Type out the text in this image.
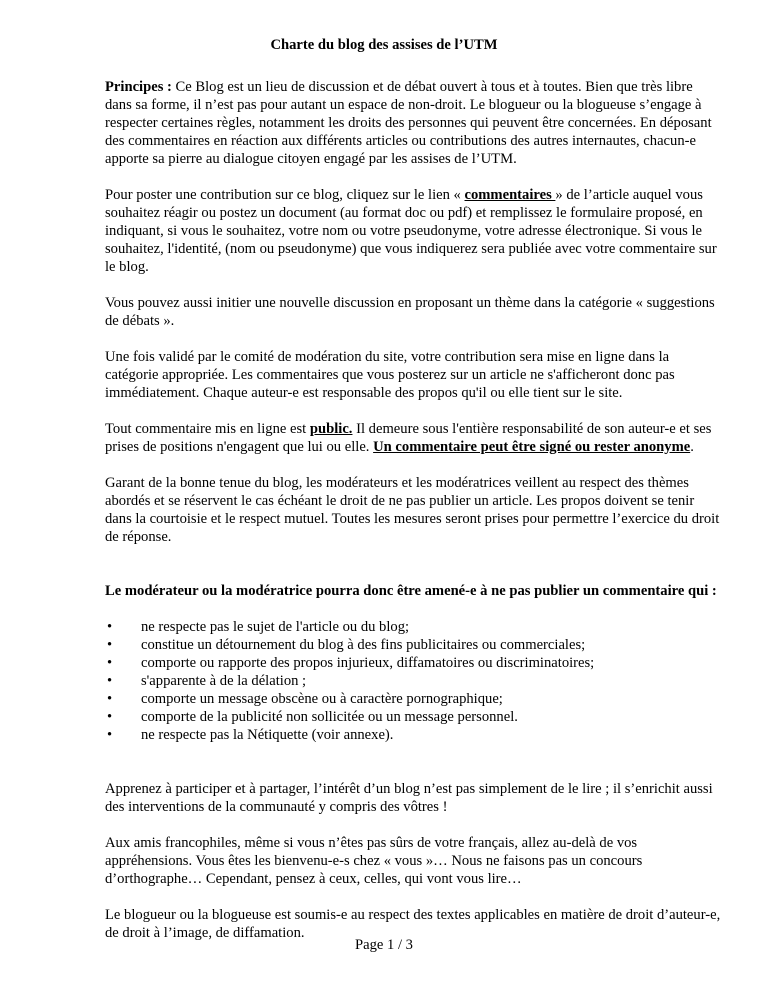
Charte du blog des assises de l’UTM

Principes : Ce Blog est un lieu de discussion et de débat ouvert à tous et à toutes. Bien que très libre dans sa forme, il n’est pas pour autant un espace de non-droit. Le blogueur ou la blogueuse s’engage à respecter certaines règles, notamment les droits des personnes qui peuvent être concernées. En déposant des commentaires en réaction aux différents articles ou contributions des autres internautes, chacun-e apporte sa pierre au dialogue citoyen engagé par les assises de l’UTM.

Pour poster une contribution sur ce blog, cliquez sur le lien « commentaires » de l’article auquel vous souhaitez réagir ou postez un document (au format doc ou pdf) et remplissez le formulaire proposé, en indiquant, si vous le souhaitez, votre nom ou votre pseudonyme, votre adresse électronique. Si vous le souhaitez, l'identité, (nom ou pseudonyme) que vous indiquerez sera publiée avec votre commentaire sur le blog.

Vous pouvez aussi initier une nouvelle discussion en proposant un thème dans la catégorie « suggestions de débats ».

Une fois validé par le comité de modération du site, votre contribution sera mise en ligne dans la catégorie appropriée. Les commentaires que vous posterez sur un article ne s'afficheront donc pas immédiatement. Chaque auteur-e est responsable des propos qu'il ou elle tient sur le site.

Tout commentaire mis en ligne est public. Il demeure sous l'entière responsabilité de son auteur-e et ses prises de positions n'engagent que lui ou elle. Un commentaire peut être signé ou rester anonyme.

Garant de la bonne tenue du blog, les modérateurs et les modératrices veillent au respect des thèmes abordés et se réservent le cas échéant le droit de ne pas publier un article. Les propos doivent se tenir dans la courtoisie et le respect mutuel. Toutes les mesures seront prises pour permettre l’exercice du droit de réponse.

Le modérateur ou la modératrice pourra donc être amené-e à ne pas publier un commentaire qui :

• ne respecte pas le sujet de l'article ou du blog;
• constitue un détournement du blog à des fins publicitaires ou commerciales;
• comporte ou rapporte des propos injurieux, diffamatoires ou discriminatoires;
• s'apparente à de la délation ;
• comporte un message obscène ou à caractère pornographique;
• comporte de la publicité non sollicitée ou un message personnel.
• ne respecte pas la Nétiquette (voir annexe).

Apprenez à participer et à partager, l’intérêt d’un blog n’est pas simplement de le lire ; il s’enrichit aussi des interventions de la communauté y compris des vôtres !

Aux amis francophiles, même si vous n’êtes pas sûrs de votre français, allez au-delà de vos appréhensions. Vous êtes les bienvenu-e-s chez « vous »… Nous ne faisons pas un concours d’orthographe… Cependant, pensez à ceux, celles, qui vont vous lire…

Le blogueur ou la blogueuse est soumis-e au respect des textes applicables en matière de droit d’auteur-e, de droit à l’image, de diffamation.

Page 1 / 3
